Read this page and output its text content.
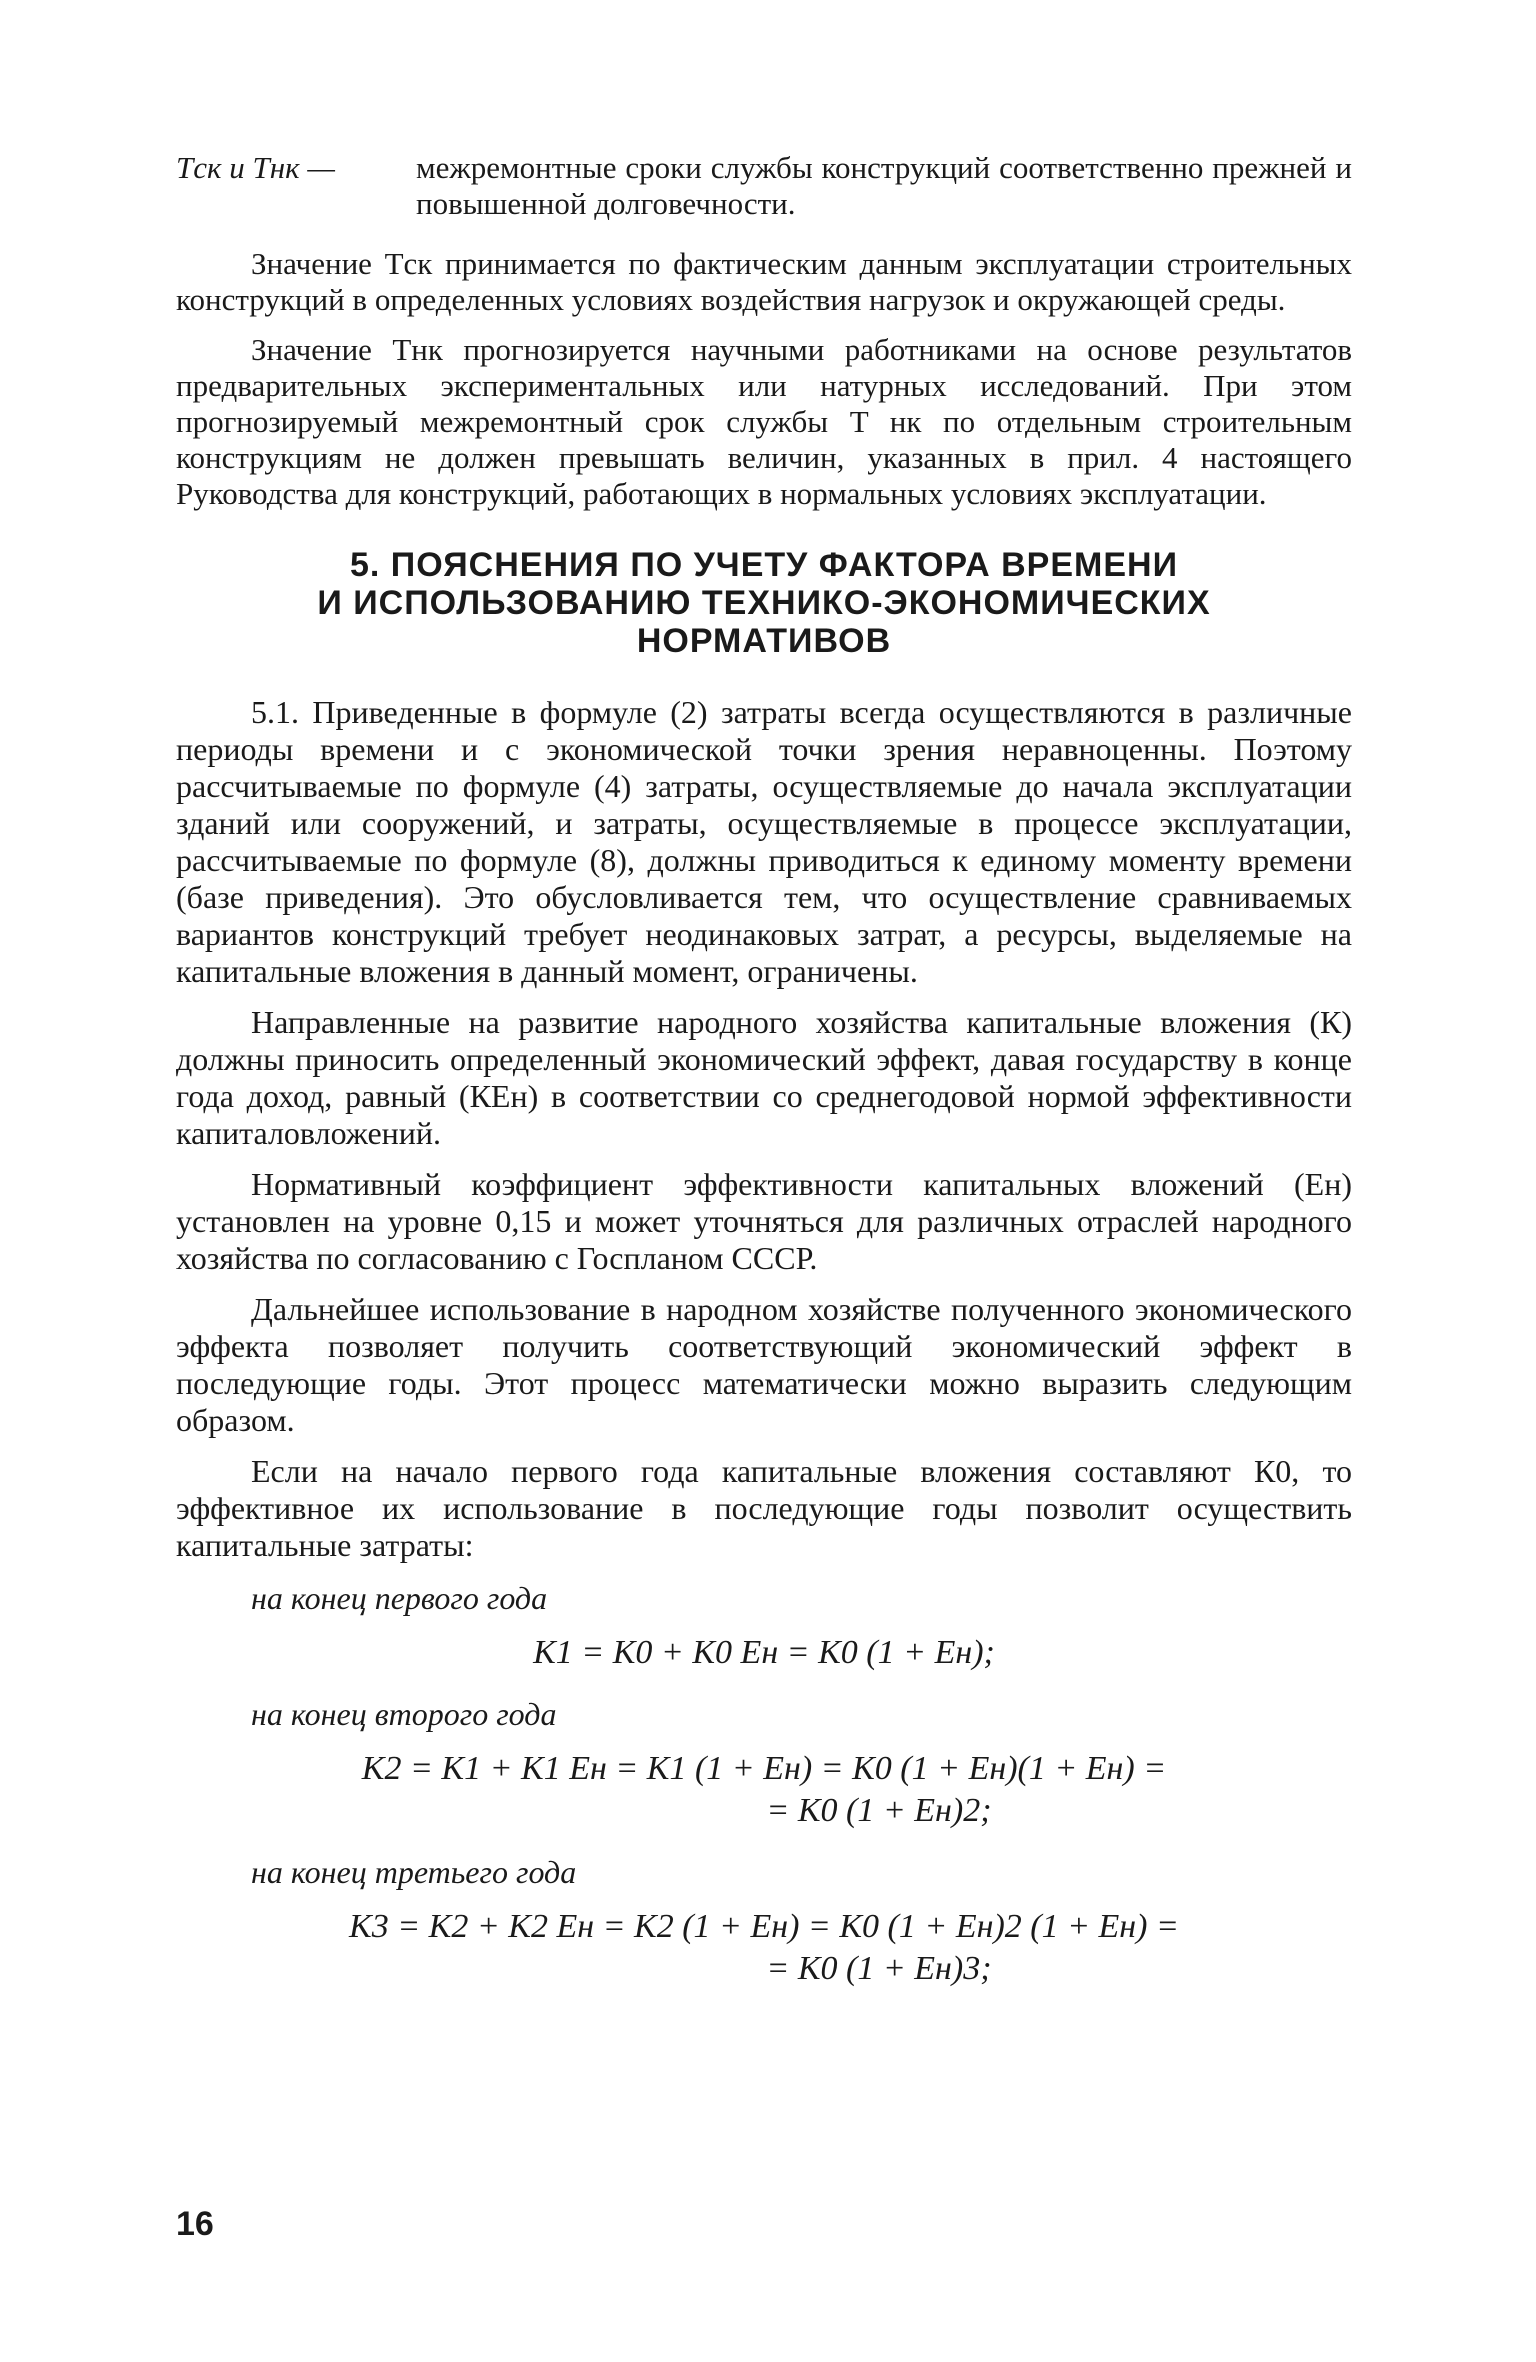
Tск и Tнк —	межремонтные сроки службы конструкций соответственно прежней и повышенной долговечности.

Значение Tск принимается по фактическим данным эксплуатации строительных конструкций в определенных условиях воздействия нагрузок и окружающей среды.

Значение Tнк прогнозируется научными работниками на основе результатов предварительных экспериментальных или натурных исследований. При этом прогнозируемый межремонтный срок службы T нк по отдельным строительным конструкциям не должен превышать величин, указанных в прил. 4 настоящего Руководства для конструкций, работающих в нормальных условиях эксплуатации.

5. ПОЯСНЕНИЯ ПО УЧЕТУ ФАКТОРА ВРЕМЕНИ
И ИСПОЛЬЗОВАНИЮ ТЕХНИКО-ЭКОНОМИЧЕСКИХ
НОРМАТИВОВ

5.1. Приведенные в формуле (2) затраты всегда осуществляются в различные периоды времени и с экономической точки зрения неравноценны. Поэтому рассчитываемые по формуле (4) затраты, осуществляемые до начала эксплуатации зданий или сооружений, и затраты, осуществляемые в процессе эксплуатации, рассчитываемые по формуле (8), должны приводиться к единому моменту времени (базе приведения). Это обусловливается тем, что осуществление сравниваемых вариантов конструкций требует неодинаковых затрат, а ресурсы, выделяемые на капитальные вложения в данный момент, ограничены.

Направленные на развитие народного хозяйства капитальные вложения (К) должны приносить определенный экономический эффект, давая государству в конце года доход, равный (КЕн) в соответствии со среднегодовой нормой эффективности капиталовложений.

Нормативный коэффициент эффективности капитальных вложений (Ен) установлен на уровне 0,15 и может уточняться для различных отраслей народного хозяйства по согласованию с Госпланом СССР.

Дальнейшее использование в народном хозяйстве полученного экономического эффекта позволяет получить соответствующий экономический эффект в последующие годы. Этот процесс математически можно выразить следующим образом.

Если на начало первого года капитальные вложения составляют К0, то эффективное их использование в последующие годы позволит осуществить капитальные затраты:

на конец первого года
K1 = K0 + K0 Eн = K0 (1 + Eн);
на конец второго года
K2 = K1 + K1 Eн = K1 (1 + Eн) = K0 (1 + Eн)(1 + Eн) =
= K0 (1 + Eн)2;
на конец третьего года
K3 = K2 + K2 Eн = K2 (1 + Eн) = K0 (1 + Eн)2 (1 + Eн) =
= K0 (1 + Eн)3;
16
